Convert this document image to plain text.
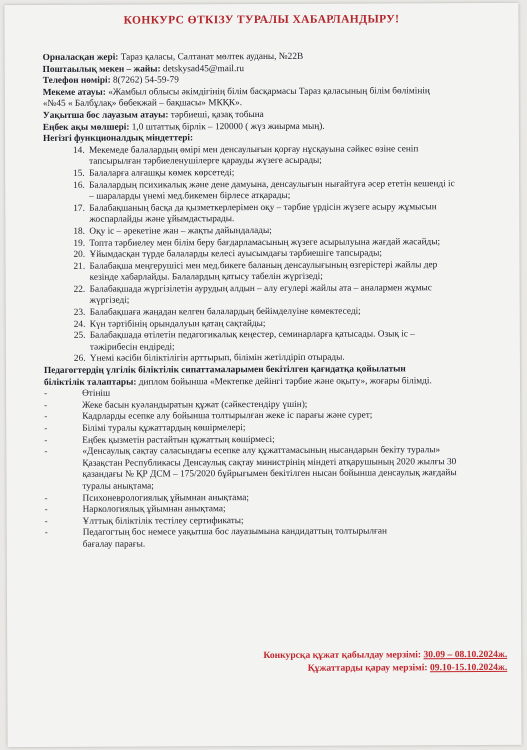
КОНКУРС ӨТКІЗУ ТУРАЛЫ ХАБАРЛАНДЫРУ!
Орналасқан жері: Тараз қаласы, Салтанат мөлтек ауданы, №22В
Поштаылық мекен – жайы: detskysad45@mail.ru
Телефон нөмірі: 8(7262) 54-59-79
Мекеме атауы: «Жамбыл облысы әкімдігінің білім басқармасы Тараз қаласының білім бөлімінің
«№45 « Балбұлақ» бөбекжай – бақшасы» МКҚК».
Уақытша бос лауазым атауы: тәрбиеші, қазақ тобына
Еңбек ақы мөлшері: 1,0 штаттық бірлік – 120000 ( жүз жиырма мың).
Негізгі функционалдық міндеттері:
14. Мекемеде балалардың өмірі мен денсаулығын қорғау нұсқауына сәйкес өзіне сеніп
тапсырылған тәрбиеленушілерге қарауды жүзеге асырады;
15. Балаларға алғашқы көмек көрсетеді;
16. Балалардың психикалық және дене дамуына, денсаулығын нығайтуға әсер ететін кешенді іс
– шараларды үнемі мед.бикемен бірлесе атқарады;
17. Балабақшаның басқа да қызметкерлерімен оқу – тәрбие үрдісін жүзеге асыру жұмысын
жоспарлайды және ұйымдастырады.
18. Оқу іс – әрекетіне жан – жақты дайындалады;
19. Топта тәрбиелеу мен білім беру бағдарламасының жүзеге асырылуына жағдай жасайды;
20. Ұйымдасқан түрде балаларды келесі ауысымдағы тәрбиешіге тапсырады;
21. Балабақша меңгерушісі мен мед.бикеге баланың денсаулығының өзгерістері жайлы дер
кезінде хабарлайды. Балалардың қатысу табелін жүргізеді;
22. Балабақшада жүргізілетін аурудың алдын – алу егулері жайлы ата – аналармен жұмыс
жүргізеді;
23. Балабақшаға жаңадан келген балалардың бейімделуіне көмектеседі;
24. Күн тәртібінің орындалуын қатаң сақтайды;
25. Балабақшада өтілетін педагогикалық кеңестер, семинарларға қатысады. Озық іс –
тәжірибесін ендіреді;
26. Үнемі кәсіби біліктілігін арттырып, білімін жетілдіріп отырады.
Педагогтердің үлгілік біліктілік сипаттамаларымен бекітілген қағидатқа қойылатын
біліктілік талаптары: диплом бойынша «Мектепке дейінгі тәрбие және оқыту», жоғары білімді.
-	Өтініш
-	Жеке басын куәландыратын құжат (сәйкестендіру үшін);
-	Кадрларды есепке алу бойынша толтырылған жеке іс парағы және сурет;
-	Білімі туралы құжаттардың көшірмелері;
-	Еңбек қызметін растайтын құжаттың көшірмесі;
-	«Денсаулық сақтау саласындағы есепке алу құжаттамасының нысандарын бекіту туралы»
Қазақстан Республикасы Денсаулық сақтау министрінің міндеті атқарушының 2020 жылғы 30
қазандағы № ҚР ДСМ – 175/2020 бұйрығымен бекітілген нысан бойынша денсаулық жағдайы
туралы анықтама;
-	Психоневрологиялық ұйымнан анықтама;
-	Наркологиялық ұйымнан анықтама;
-	Ұлттық біліктілік тестілеу сертификаты;
-	Педагогтың бос немесе уақытша бос лауазымына кандидаттың толтырылған
бағалау парағы.
Конкурсқа құжат қабылдау мерзімі: 30.09 – 08.10.2024ж.
Құжаттарды қарау мерзімі: 09.10-15.10.2024ж.
